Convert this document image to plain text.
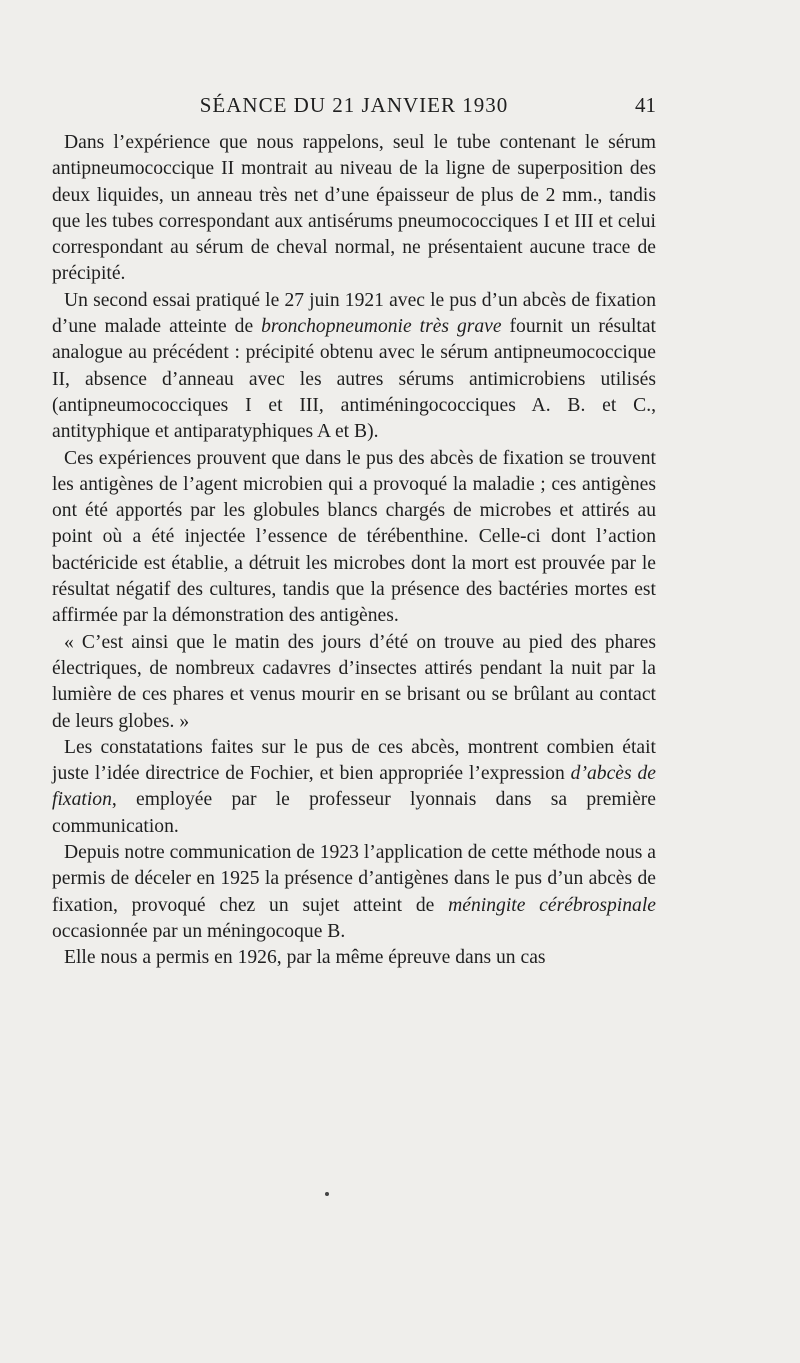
SÉANCE DU 21 JANVIER 1930	41

Dans l’expérience que nous rappelons, seul le tube contenant le sérum antipneumococcique II montrait au niveau de la ligne de superposition des deux liquides, un anneau très net d’une épaisseur de plus de 2 mm., tandis que les tubes correspondant aux antisérums pneumococciques I et III et celui correspondant au sérum de cheval normal, ne présentaient aucune trace de précipité.

Un second essai pratiqué le 27 juin 1921 avec le pus d’un abcès de fixation d’une malade atteinte de bronchopneumonie très grave fournit un résultat analogue au précédent : précipité obtenu avec le sérum antipneumococcique II, absence d’anneau avec les autres sérums antimicrobiens utilisés (antipneumococciques I et III, antiméningococciques A. B. et C., antityphique et antiparatyphiques A et B).

Ces expériences prouvent que dans le pus des abcès de fixation se trouvent les antigènes de l’agent microbien qui a provoqué la maladie ; ces antigènes ont été apportés par les globules blancs chargés de microbes et attirés au point où a été injectée l’essence de térébenthine. Celle-ci dont l’action bactéricide est établie, a détruit les microbes dont la mort est prouvée par le résultat négatif des cultures, tandis que la présence des bactéries mortes est affirmée par la démonstration des antigènes.

« C’est ainsi que le matin des jours d’été on trouve au pied des phares électriques, de nombreux cadavres d’insectes attirés pendant la nuit par la lumière de ces phares et venus mourir en se brisant ou se brûlant au contact de leurs globes. »

Les constatations faites sur le pus de ces abcès, montrent combien était juste l’idée directrice de Fochier, et bien appropriée l’expression d’abcès de fixation, employée par le professeur lyonnais dans sa première communication.

Depuis notre communication de 1923 l’application de cette méthode nous a permis de déceler en 1925 la présence d’antigènes dans le pus d’un abcès de fixation, provoqué chez un sujet atteint de méningite cérébrospinale occasionnée par un méningocoque B.

Elle nous a permis en 1926, par la même épreuve dans un cas
